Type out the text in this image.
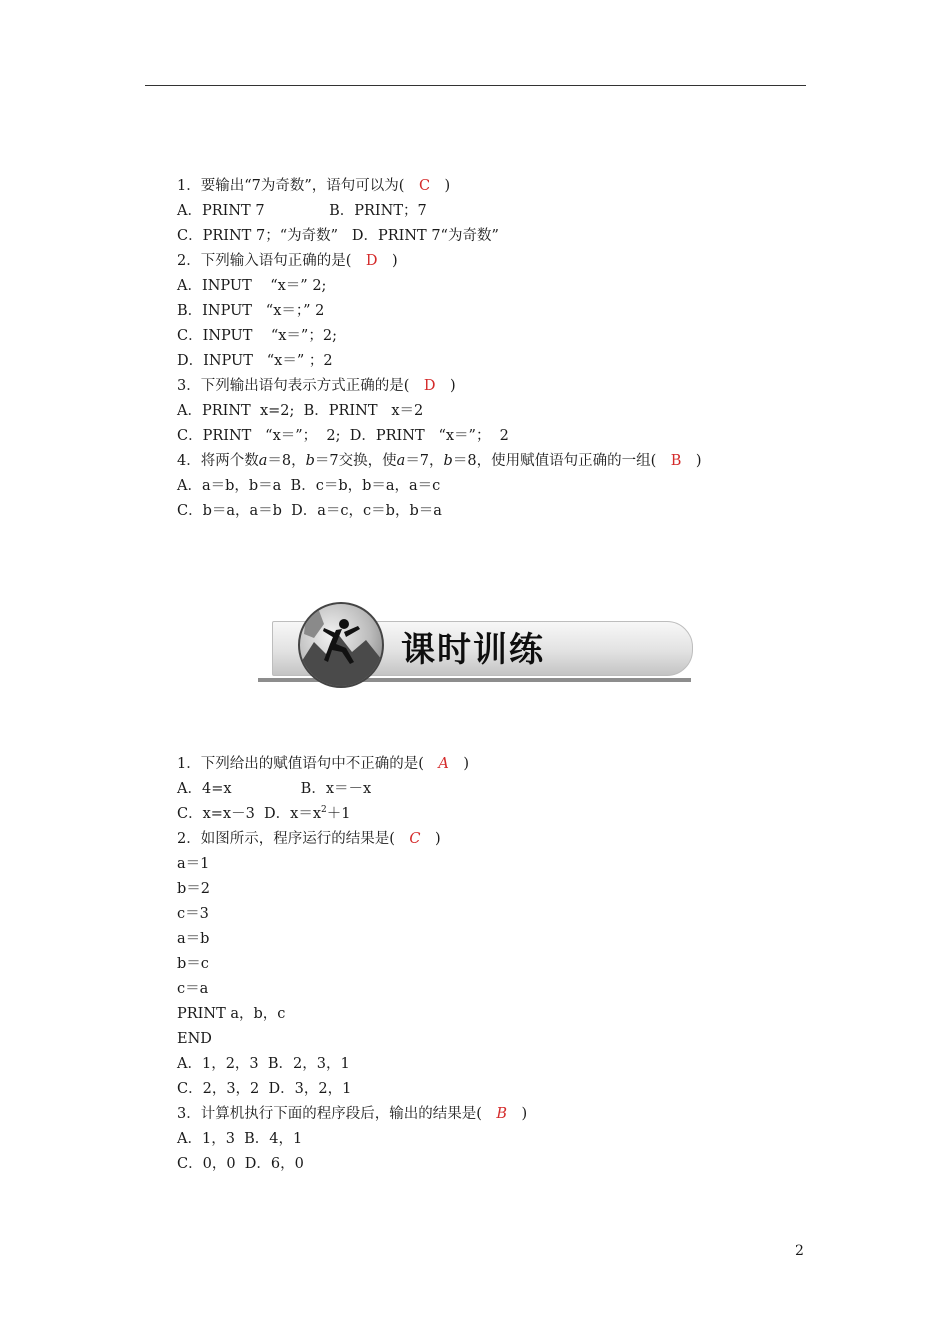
1．要输出“7为奇数”，语句可以为(　C　)
A．PRINT 7              B．PRINT；7
C．PRINT 7；“为奇数”   D．PRINT 7“为奇数”
2．下列输入语句正确的是(　D　)
A．INPUT    “x＝” 2;
B．INPUT   “x＝；” 2
C．INPUT    “x＝”；2;
D．INPUT   “x＝” ；2
3．下列输出语句表示方式正确的是(　D　)
A．PRINT  x=2;  B．PRINT   x＝2
C．PRINT   “x＝”；  2;  D．PRINT   “x＝”；  2
4．将两个数a＝8，b＝7交换，使a＝7，b＝8，使用赋值语句正确的一组(　B　)
A．a＝b，b＝a  B．c＝b，b＝a，a＝c
C．b＝a，a＝b  D．a＝c，c＝b，b＝a
课时训练
1．下列给出的赋值语句中不正确的是(　A　)
A．4=x               B．x＝－x
C．x=x－3  D．$x=x^2+1$
2．如图所示，程序运行的结果是(　C　)
a＝1
b＝2
c＝3
a＝b
b＝c
c＝a
PRINT a，b，c
END
A．1，2，3  B．2，3，1
C．2，3，2  D．3，2，1
3．计算机执行下面的程序段后，输出的结果是(　B　)
A．1，3  B．4，1
C．0，0  D．6，0
2
